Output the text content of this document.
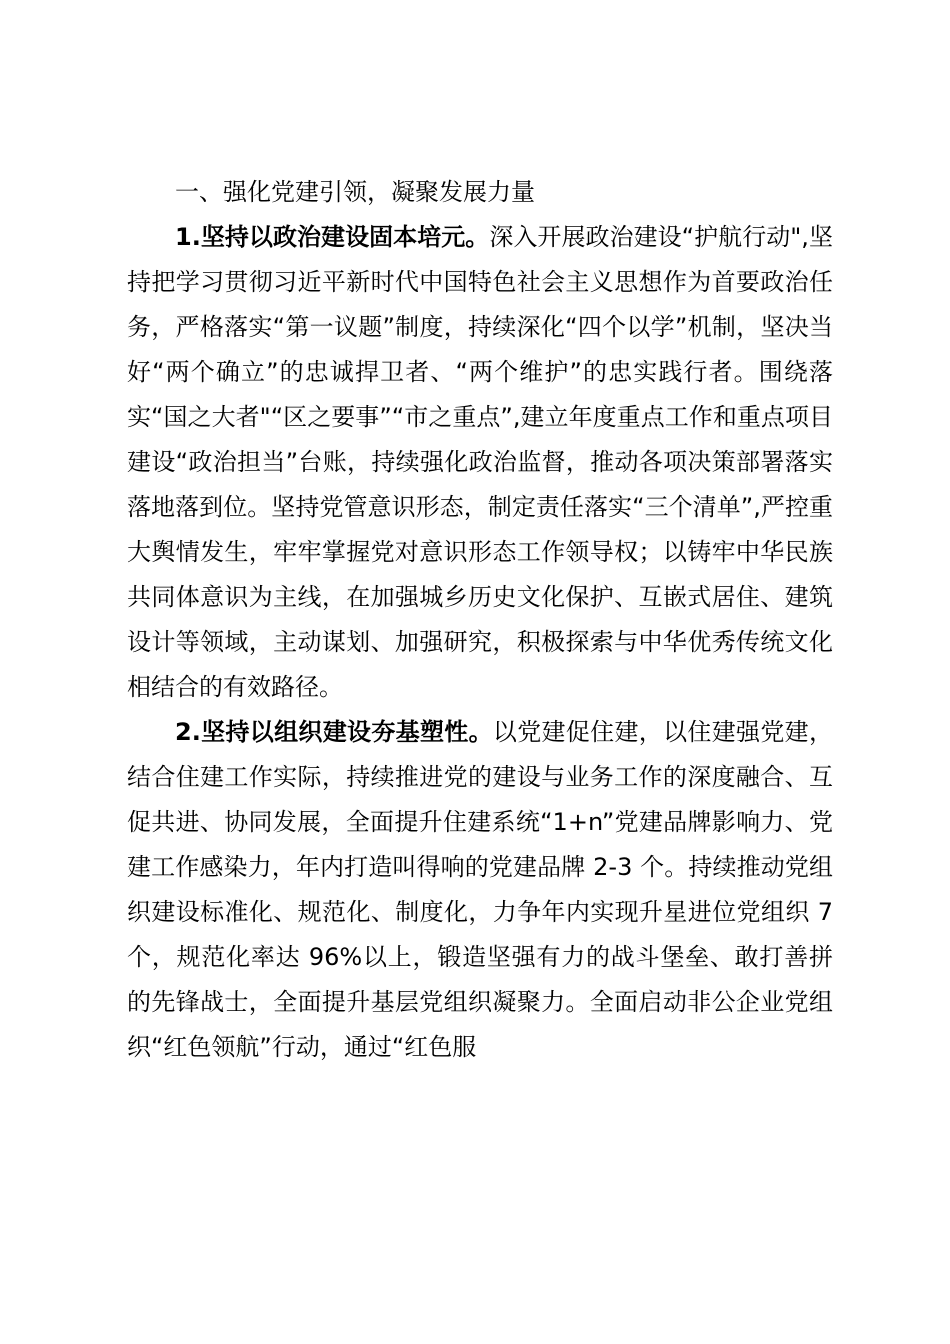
一、强化党建引领，凝聚发展力量

1.坚持以政治建设固本培元。深入开展政治建设“护航行动",坚持把学习贯彻习近平新时代中国特色社会主义思想作为首要政治任务，严格落实“第一议题”制度，持续深化“四个以学”机制，坚决当好“两个确立”的忠诚捍卫者、“两个维护”的忠实践行者。围绕落实“国之大者"“区之要事”“市之重点”,建立年度重点工作和重点项目建设“政治担当”台账，持续强化政治监督，推动各项决策部署落实落地落到位。坚持党管意识形态，制定责任落实“三个清单”,严控重大舆情发生，牢牢掌握党对意识形态工作领导权；以铸牢中华民族共同体意识为主线，在加强城乡历史文化保护、互嵌式居住、建筑设计等领域，主动谋划、加强研究，积极探索与中华优秀传统文化相结合的有效路径。

2.坚持以组织建设夯基塑性。以党建促住建，以住建强党建，结合住建工作实际，持续推进党的建设与业务工作的深度融合、互促共进、协同发展，全面提升住建系统“1+n”党建品牌影响力、党建工作感染力，年内打造叫得响的党建品牌 2-3 个。持续推动党组织建设标准化、规范化、制度化，力争年内实现升星进位党组织 7 个，规范化率达 96%以上，锻造坚强有力的战斗堡垒、敢打善拼的先锋战士，全面提升基层党组织凝聚力。全面启动非公企业党组织“红色领航”行动，通过“红色服
